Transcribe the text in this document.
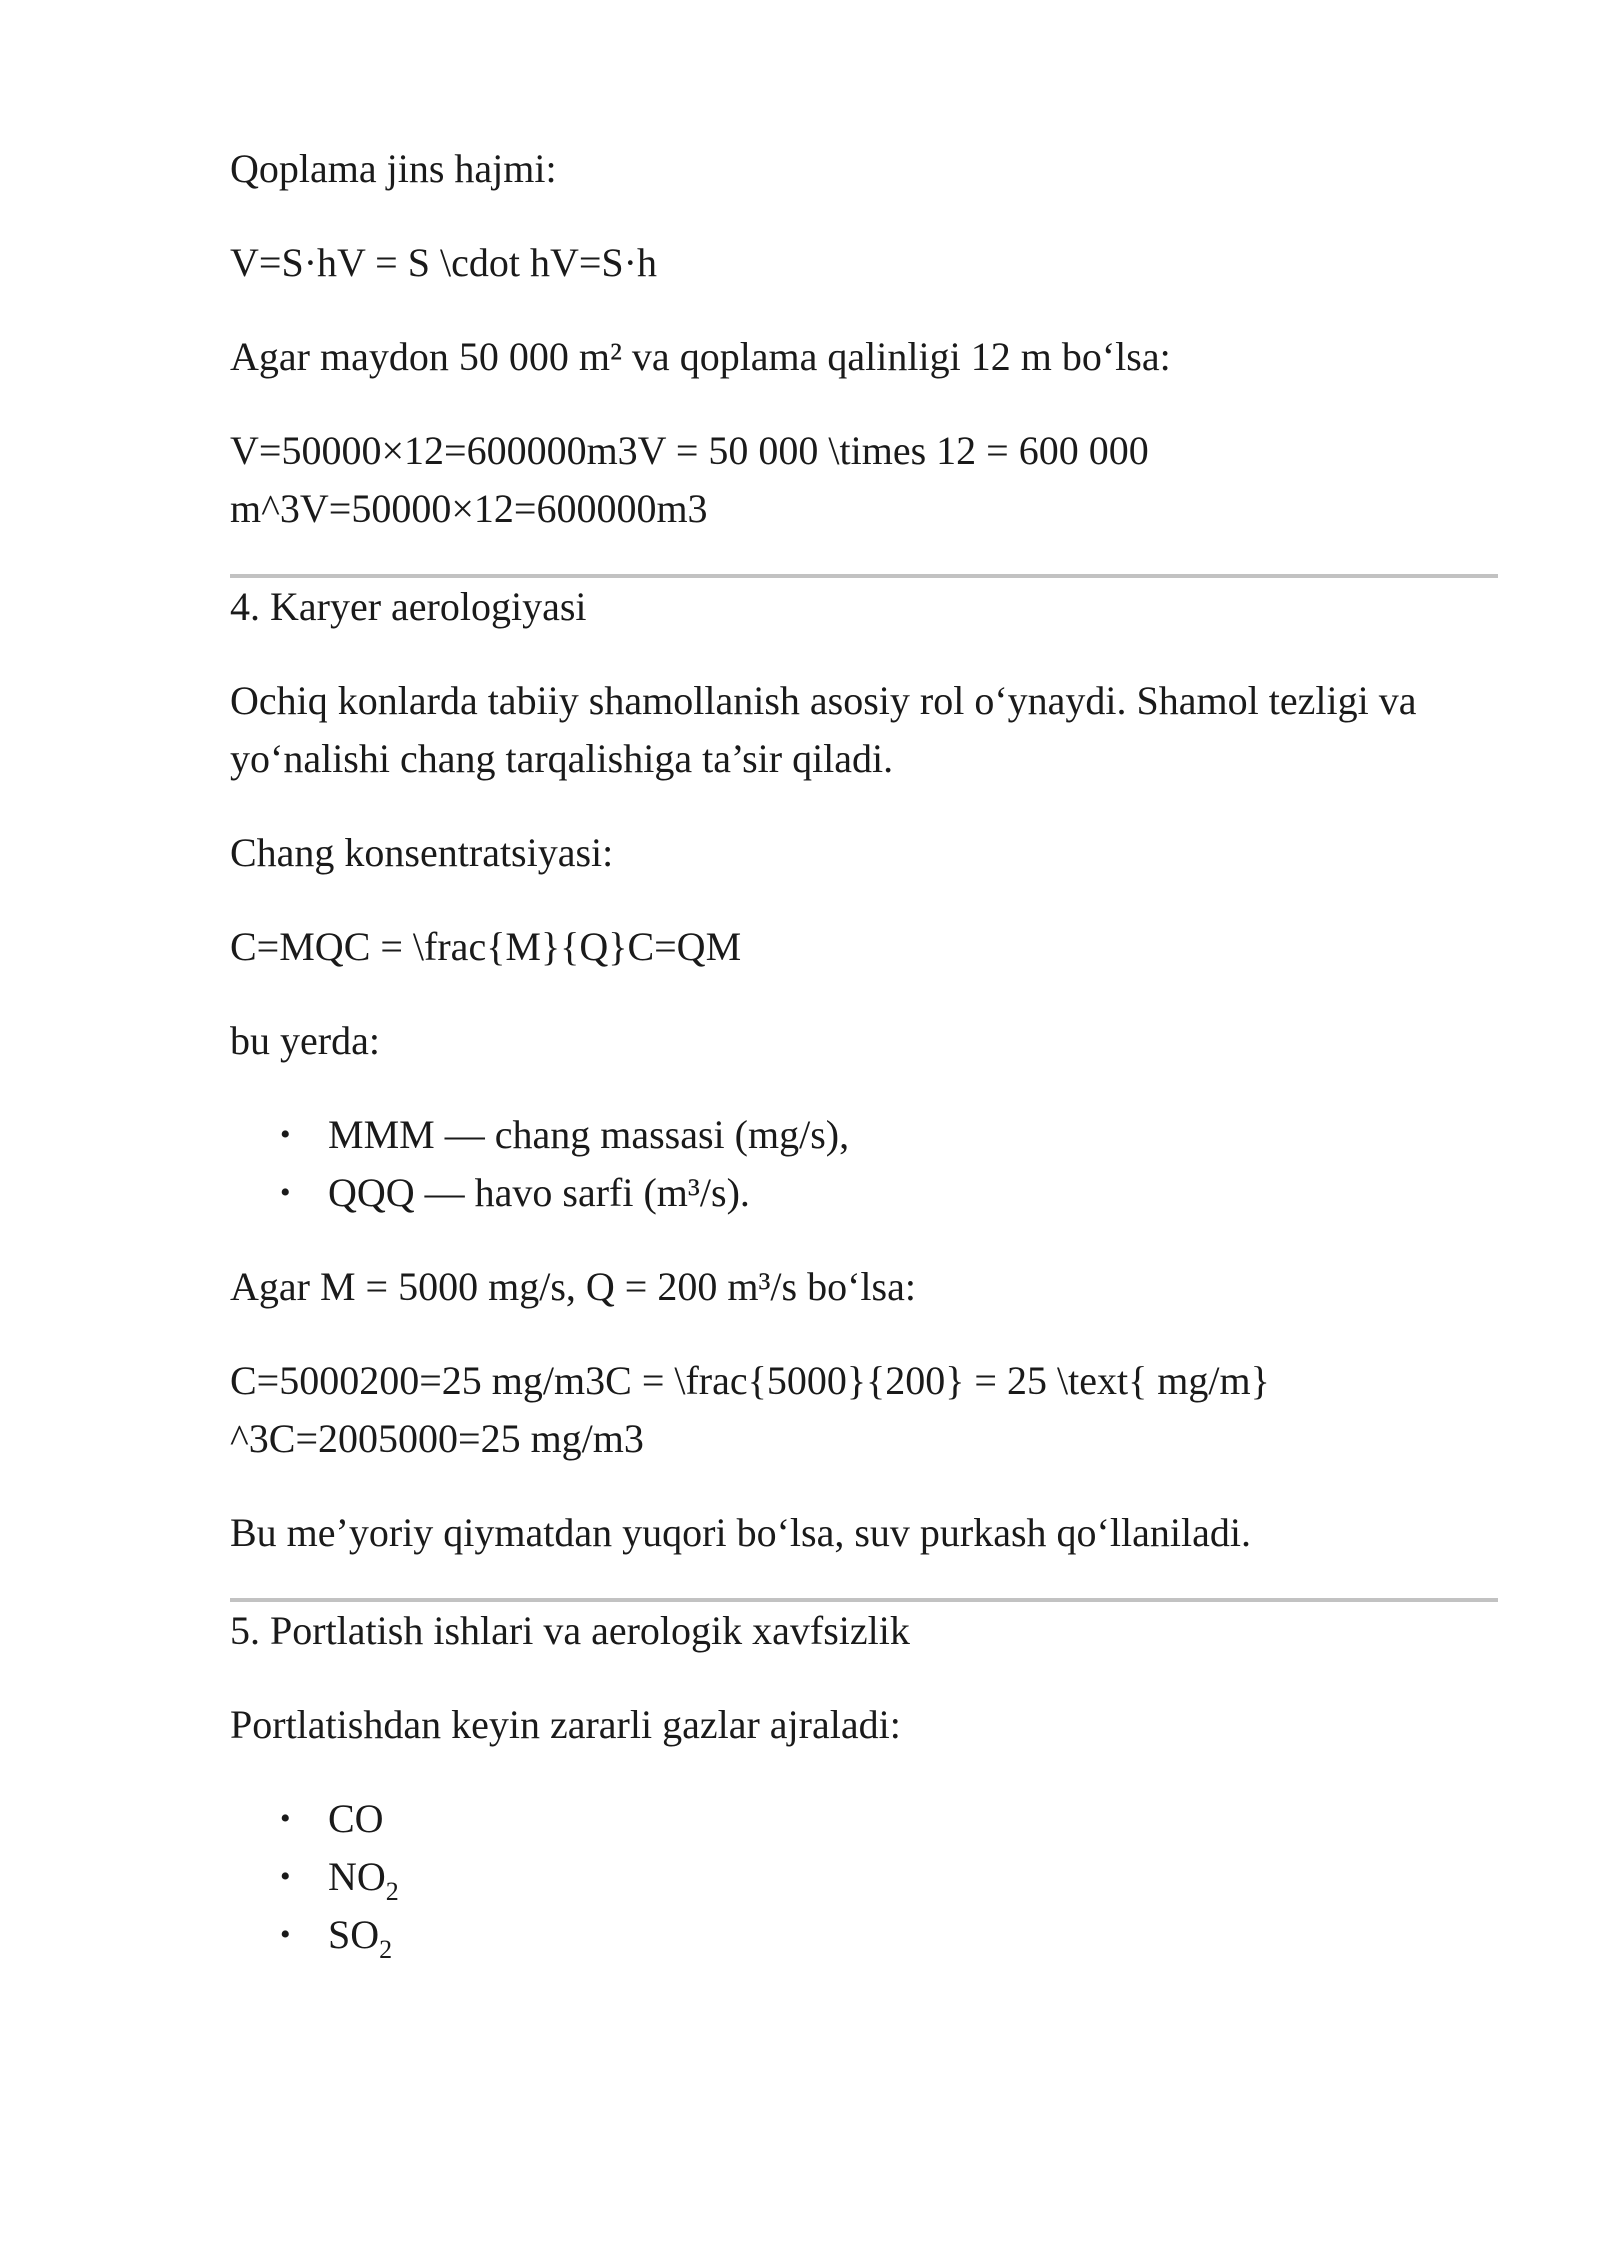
Qoplama jins hajmi:

V=S·hV = S \cdot hV=S·h

Agar maydon 50 000 m² va qoplama qalinligi 12 m bo‘lsa:

V=50000×12=600000m3V = 50 000 \times 12 = 600 000 m^3V=50000×12=600000m3

4. Karyer aerologiyasi

Ochiq konlarda tabiiy shamollanish asosiy rol o‘ynaydi. Shamol tezligi va yo‘nalishi chang tarqalishiga ta’sir qiladi.

Chang konsentratsiyasi:

C=MQC = \frac{M}{Q}C=QM

bu yerda:

• MMM — chang massasi (mg/s),
• QQQ — havo sarfi (m³/s).

Agar M = 5000 mg/s, Q = 200 m³/s bo‘lsa:

C=5000200=25 mg/m3C = \frac{5000}{200} = 25 \text{ mg/m}
^3C=2005000=25 mg/m3

Bu me’yoriy qiymatdan yuqori bo‘lsa, suv purkash qo‘llaniladi.

5. Portlatish ishlari va aerologik xavfsizlik

Portlatishdan keyin zararli gazlar ajraladi:

• CO
• $NO_2$
• $SO_2$
